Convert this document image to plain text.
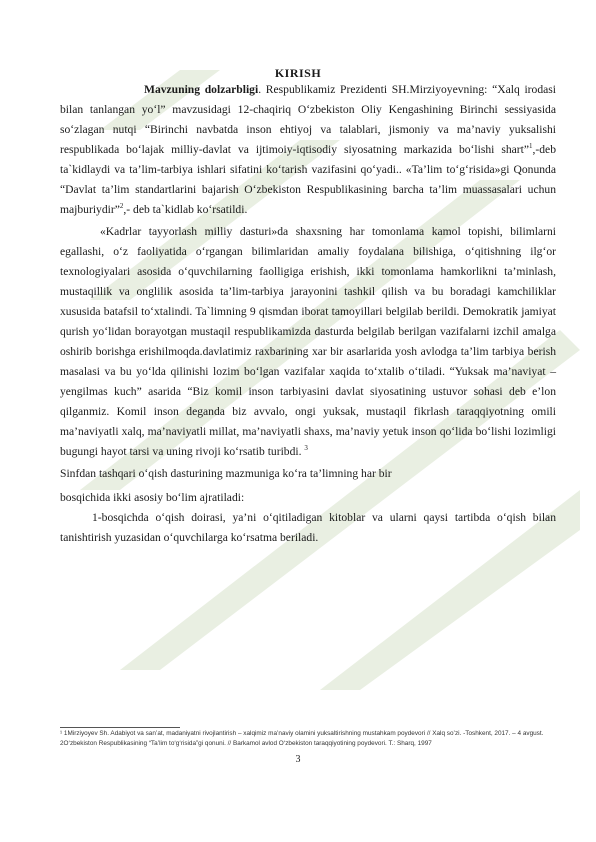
KIRISH

Mavzuning dolzarbligi. Respublikamiz Prezidenti SH.Mirziyoyevning: “Xalq irodasi bilan tanlangan yo‘l” mavzusidagi 12-chaqiriq O‘zbekiston Oliy Kengashining Birinchi sessiyasida so‘zlagan nutqi “Birinchi navbatda inson ehtiyoj va talablari, jismoniy va ma’naviy yuksalishi respublikada bo‘lajak milliy-davlat va ijtimoiy-iqtisodiy siyosatning markazida bo‘lishi shart”$^1$,-deb ta`kidlaydi va ta’lim-tarbiya ishlari sifatini ko‘tarish vazifasini qo‘yadi.. «Ta’lim to‘g‘risida»gi Qonunda “Davlat ta’lim standartlarini bajarish O‘zbekiston Respublikasining barcha ta’lim muassasalari uchun majburiydir”$^2$,- deb ta`kidlab ko‘rsatildi.

«Kadrlar tayyorlash milliy dasturi»da shaxsning har tomonlama kamol topishi, bilimlarni egallashi, o‘z faoliyatida o‘rgangan bilimlaridan amaliy foydalana bilishiga, o‘qitishning ilg‘or texnologiyalari asosida o‘quvchilarning faolligiga erishish, ikki tomonlama hamkorlikni ta’minlash, mustaqillik va onglilik asosida ta’lim-tarbiya jarayonini tashkil qilish va bu boradagi kamchiliklar xususida batafsil to‘xtalindi. Ta`limning 9 qismdan iborat tamoyillari belgilab berildi. Demokratik jamiyat qurish yo‘lidan borayotgan mustaqil respublikamizda dasturda belgilab berilgan vazifalarni izchil amalga oshirib borishga erishilmoqda.davlatimiz raxbarining xar bir asarlarida yosh avlodga ta’lim tarbiya berish masalasi va bu yo‘lda qilinishi lozim bo‘lgan vazifalar xaqida to‘xtalib o‘tiladi. “Yuksak ma’naviyat – yengilmas kuch” asarida “Biz komil inson tarbiyasini davlat siyosatining ustuvor sohasi deb e’lon qilganmiz. Komil inson deganda biz avvalo, ongi yuksak, mustaqil fikrlash taraqqiyotning omili ma’naviyatli xalq, ma’naviyatli millat, ma’naviyatli shaxs, ma’naviy yetuk inson qo‘lida bo‘lishi lozimligi bugungi hayot tarsi va uning rivoji ko‘rsatib turibdi. $^3$

Sinfdan tashqari o‘qish dasturining mazmuniga ko‘ra ta’limning har bir

bosqichida ikki asosiy bo‘lim ajratiladi:

1-bosqichda o‘qish doirasi, ya’ni o‘qitiladigan kitoblar va ularni qaysi tartibda o‘qish bilan tanishtirish yuzasidan o‘quvchilarga ko‘rsatma beriladi.

¹ 1Mirziyoyev Sh. Adabiyot va san’at, madaniyatni rivojlantirish – xalqimiz ma’naviy olamini yuksaltirishning mustahkam poydevori // Xalq so’zi. -Toshkent, 2017. – 4 avgust.

2O‘zbekiston Respublikasining “Ta’lim to‘g‘risida”gi qonuni. // Barkamol avlod O‘zbekiston taraqqiyotining poydevori. T.: Sharq, 1997

3
